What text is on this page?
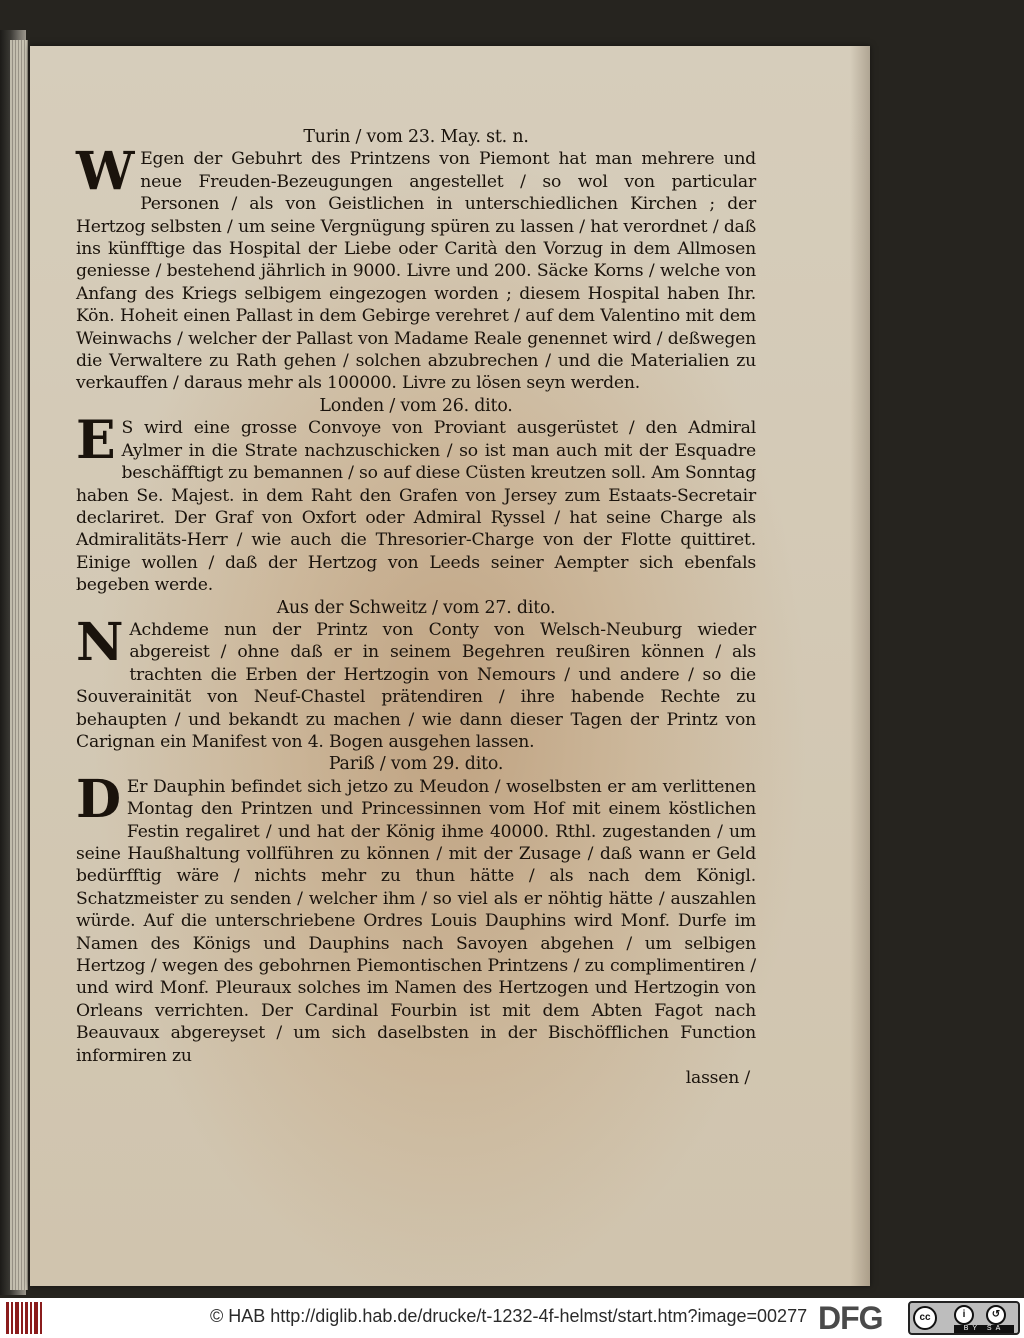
Turin / vom 23. May. st. n.

W Egen der Gebuhrt des Printzens von Piemont hat man mehrere und neue Freuden-Bezeugungen angestellet / so wol von particular Personen / als von Geistlichen in unterschiedlichen Kirchen ; der Hertzog selbsten / um seine Vergnügung spüren zu lassen / hat verordnet / daß ins künfftige das Hospital der Liebe oder Carità den Vorzug in dem Allmosen geniesse / bestehend jährlich in 9000. Livre und 200. Säcke Korns / welche von Anfang des Kriegs selbigem eingezogen worden ; diesem Hospital haben Ihr. Kön. Hoheit einen Pallast in dem Gebirge verehret / auf dem Valentino mit dem Weinwachs / welcher der Pallast von Madame Reale genennet wird / deßwegen die Verwaltere zu Rath gehen / solchen abzubrechen / und die Materialien zu verkauffen / daraus mehr als 100000. Livre zu lösen seyn werden.

Londen / vom 26. dito.

E S wird eine grosse Convoye von Proviant ausgerüstet / den Admiral Aylmer in die Strate nachzuschicken / so ist man auch mit der Esquadre beschäfftigt zu bemannen / so auf diese Cüsten kreutzen soll. Am Sonntag haben Se. Majest. in dem Raht den Grafen von Jersey zum Estaats-Secretair declariret. Der Graf von Oxfort oder Admiral Ryssel / hat seine Charge als Admiralitäts-Herr / wie auch die Thresorier-Charge von der Flotte quittiret. Einige wollen / daß der Hertzog von Leeds seiner Aempter sich ebenfals begeben werde.

Aus der Schweitz / vom 27. dito.

N Achdeme nun der Printz von Conty von Welsch-Neuburg wieder abgereist / ohne daß er in seinem Begehren reußiren können / als trachten die Erben der Hertzogin von Nemours / und andere / so die Souverainität von Neuf-Chastel prätendiren / ihre habende Rechte zu behaupten / und bekandt zu machen / wie dann dieser Tagen der Printz von Carignan ein Manifest von 4. Bogen ausgehen lassen.

Pariß / vom 29. dito.

D Er Dauphin befindet sich jetzo zu Meudon / woselbsten er am verlittenen Montag den Printzen und Princessinnen vom Hof mit einem köstlichen Festin regaliret / und hat der König ihme 40000. Rthl. zugestanden / um seine Haußhaltung vollführen zu können / mit der Zusage / daß wann er Geld bedürfftig wäre / nichts mehr zu thun hätte / als nach dem Königl. Schatzmeister zu senden / welcher ihm / so viel als er nöhtig hätte / auszahlen würde. Auf die unterschriebene Ordres Louis Dauphins wird Monf. Durfe im Namen des Königs und Dauphins nach Savoyen abgehen / um selbigen Hertzog / wegen des gebohrnen Piemontischen Printzens / zu complimentiren / und wird Monf. Pleuraux solches im Namen des Hertzogen und Hertzogin von Orleans verrichten. Der Cardinal Fourbin ist mit dem Abten Fagot nach Beauvaux abgereyset / um sich daselbsten in der Bischöfflichen Function informiren zu

lassen /
© HAB http://diglib.hab.de/drucke/t-1232-4f-helmst/start.htm?image=00277 DFG	cc	i	↺
BY SA
